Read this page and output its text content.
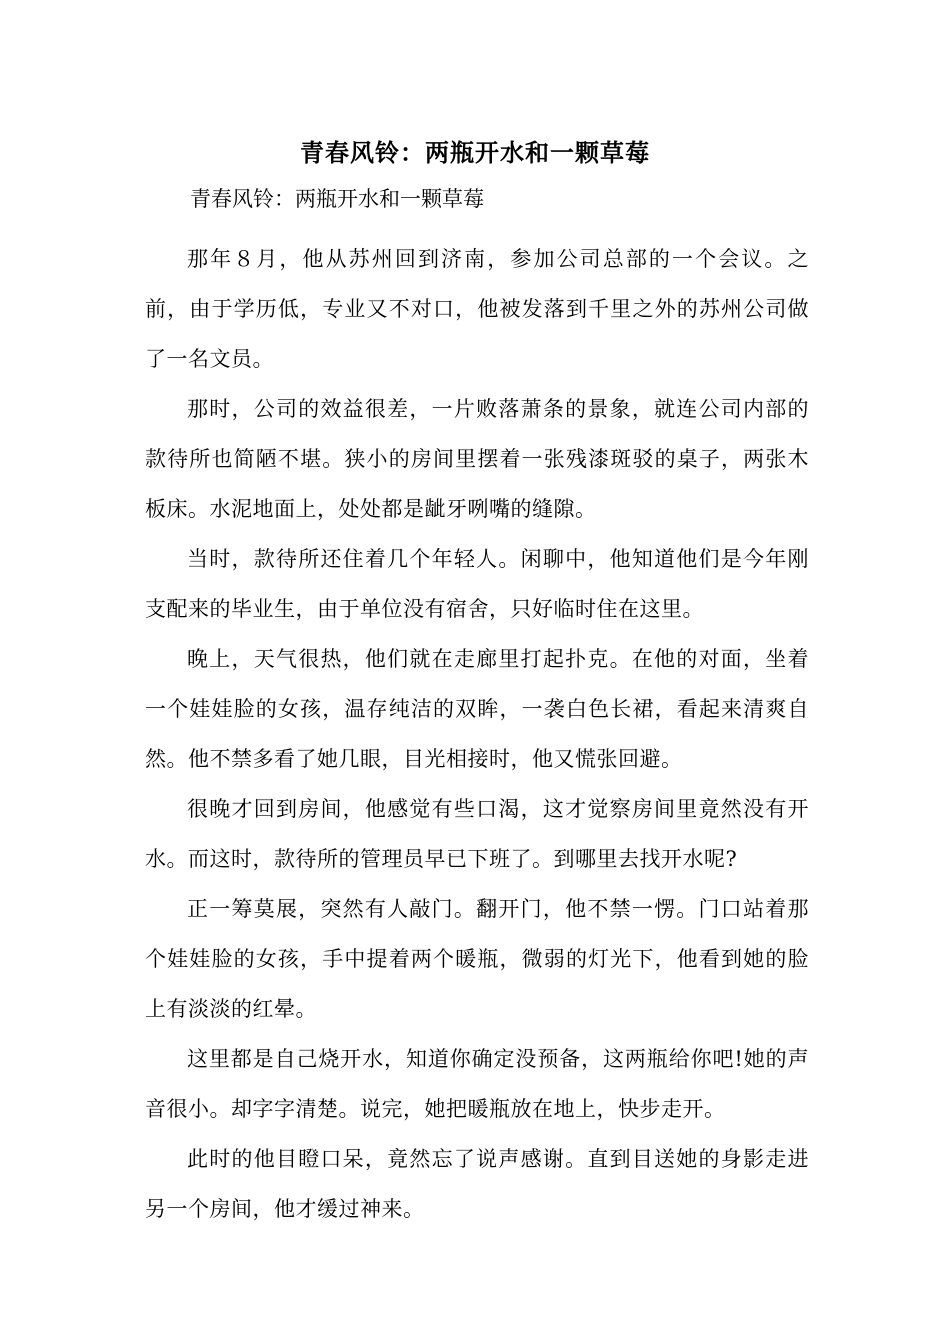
青春风铃：两瓶开水和一颗草莓
青春风铃：两瓶开水和一颗草莓

那年８月，他从苏州回到济南，参加公司总部的一个会议。之前，由于学历低，专业又不对口，他被发落到千里之外的苏州公司做了一名文员。

那时，公司的效益很差，一片败落萧条的景象，就连公司内部的款待所也简陋不堪。狭小的房间里摆着一张残漆斑驳的桌子，两张木板床。水泥地面上，处处都是龇牙咧嘴的缝隙。

当时，款待所还住着几个年轻人。闲聊中，他知道他们是今年刚支配来的毕业生，由于单位没有宿舍，只好临时住在这里。

晚上，天气很热，他们就在走廊里打起扑克。在他的对面，坐着一个娃娃脸的女孩，温存纯洁的双眸，一袭白色长裙，看起来清爽自然。他不禁多看了她几眼，目光相接时，他又慌张回避。

很晚才回到房间，他感觉有些口渴，这才觉察房间里竟然没有开水。而这时，款待所的管理员早已下班了。到哪里去找开水呢?

正一筹莫展，突然有人敲门。翻开门，他不禁一愣。门口站着那个娃娃脸的女孩，手中提着两个暖瓶，微弱的灯光下，他看到她的脸上有淡淡的红晕。

这里都是自己烧开水，知道你确定没预备，这两瓶给你吧!她的声音很小。却字字清楚。说完，她把暖瓶放在地上，快步走开。

此时的他目瞪口呆，竟然忘了说声感谢。直到目送她的身影走进另一个房间，他才缓过神来。
